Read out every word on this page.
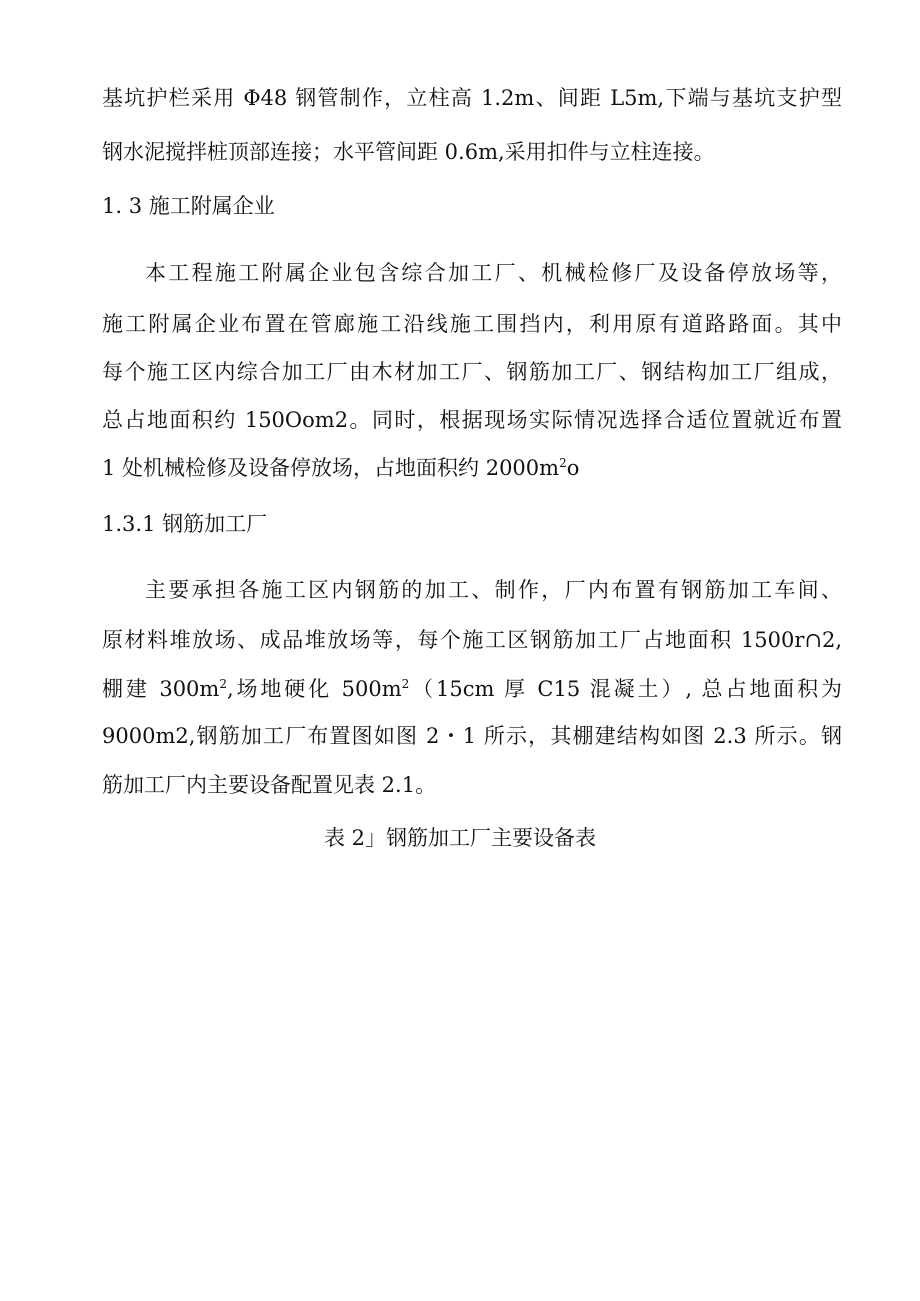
基坑护栏采用 Φ48 钢管制作，立柱高 1.2m、间距 L5m,下端与基坑支护型
钢水泥搅拌桩顶部连接；水平管间距 0.6m,采用扣件与立柱连接。
1. 3 施工附属企业
本工程施工附属企业包含综合加工厂、机械检修厂及设备停放场等，
施工附属企业布置在管廊施工沿线施工围挡内，利用原有道路路面。其中
每个施工区内综合加工厂由木材加工厂、钢筋加工厂、钢结构加工厂组成，
总占地面积约 150Oom2。同时，根据现场实际情况选择合适位置就近布置
1 处机械检修及设备停放场，占地面积约 $2000m^2o$
1.3.1 钢筋加工厂
主要承担各施工区内钢筋的加工、制作，厂内布置有钢筋加工车间、
原材料堆放场、成品堆放场等，每个施工区钢筋加工厂占地面积 1500r∩2,
棚建 $300m^2$,场地硬化 $500m^2(15cm$ 厚 C15 混凝土）, 总占地面积为
9000m2,钢筋加工厂布置图如图 2・1 所示，其棚建结构如图 2.3 所示。钢
筋加工厂内主要设备配置见表 2.1。
表 2」钢筋加工厂主要设备表
